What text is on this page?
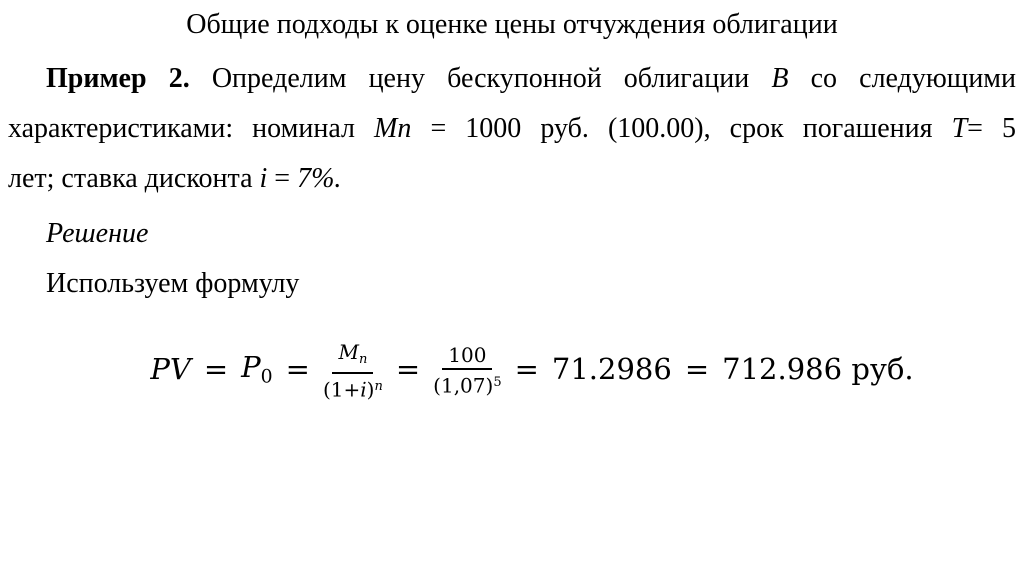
Общие подходы к оценке цены отчуждения облигации
Пример 2. Определим цену бескупонной облигации В со следующими
характеристиками: номинал Mn = 1000 руб. (100.00), срок погашения T= 5
лет; ставка дисконта i = 7%.
Решение
Используем формулу
PV = $P_0 = \frac{M_n}{(1+i)^n} = \frac{100}{(1,07)^5} = 71.2986 = 712.986$ руб.
